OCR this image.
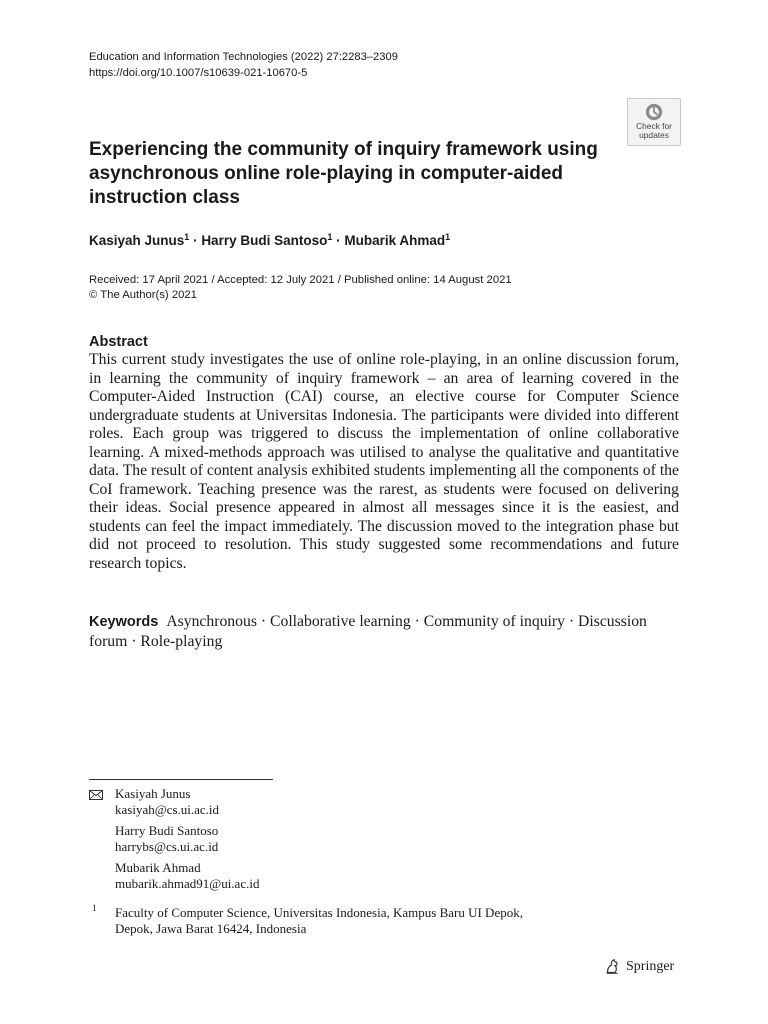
Education and Information Technologies (2022) 27:2283–2309
https://doi.org/10.1007/s10639-021-10670-5
Check for
updates
Experiencing the community of inquiry framework using asynchronous online role-playing in computer-aided instruction class
Kasiyah Junus$^1$ · Harry Budi Santoso$^1$ · Mubarik Ahmad$^1$
Received: 17 April 2021 / Accepted: 12 July 2021 / Published online: 14 August 2021
© The Author(s) 2021
Abstract

This current study investigates the use of online role-playing, in an online discussion forum, in learning the community of inquiry framework – an area of learning covered in the Computer-Aided Instruction (CAI) course, an elective course for Computer Science undergraduate students at Universitas Indonesia. The participants were divided into different roles. Each group was triggered to discuss the implementation of online collaborative learning. A mixed-methods approach was utilised to analyse the qualitative and quantitative data. The result of content analysis exhibited students implementing all the components of the CoI framework. Teaching presence was the rarest, as students were focused on delivering their ideas. Social presence appeared in almost all messages since it is the easiest, and students can feel the impact immediately. The discussion moved to the integration phase but did not proceed to resolution. This study suggested some recommendations and future research topics.

Keywords Asynchronous · Collaborative learning · Community of inquiry · Discussion forum · Role-playing
Kasiyah Junus
kasiyah@cs.ui.ac.id
Harry Budi Santoso
harrybs@cs.ui.ac.id
Mubarik Ahmad
mubarik.ahmad91@ui.ac.id
1 Faculty of Computer Science, Universitas Indonesia, Kampus Baru UI Depok,
Depok, Jawa Barat 16424, Indonesia
Springer
